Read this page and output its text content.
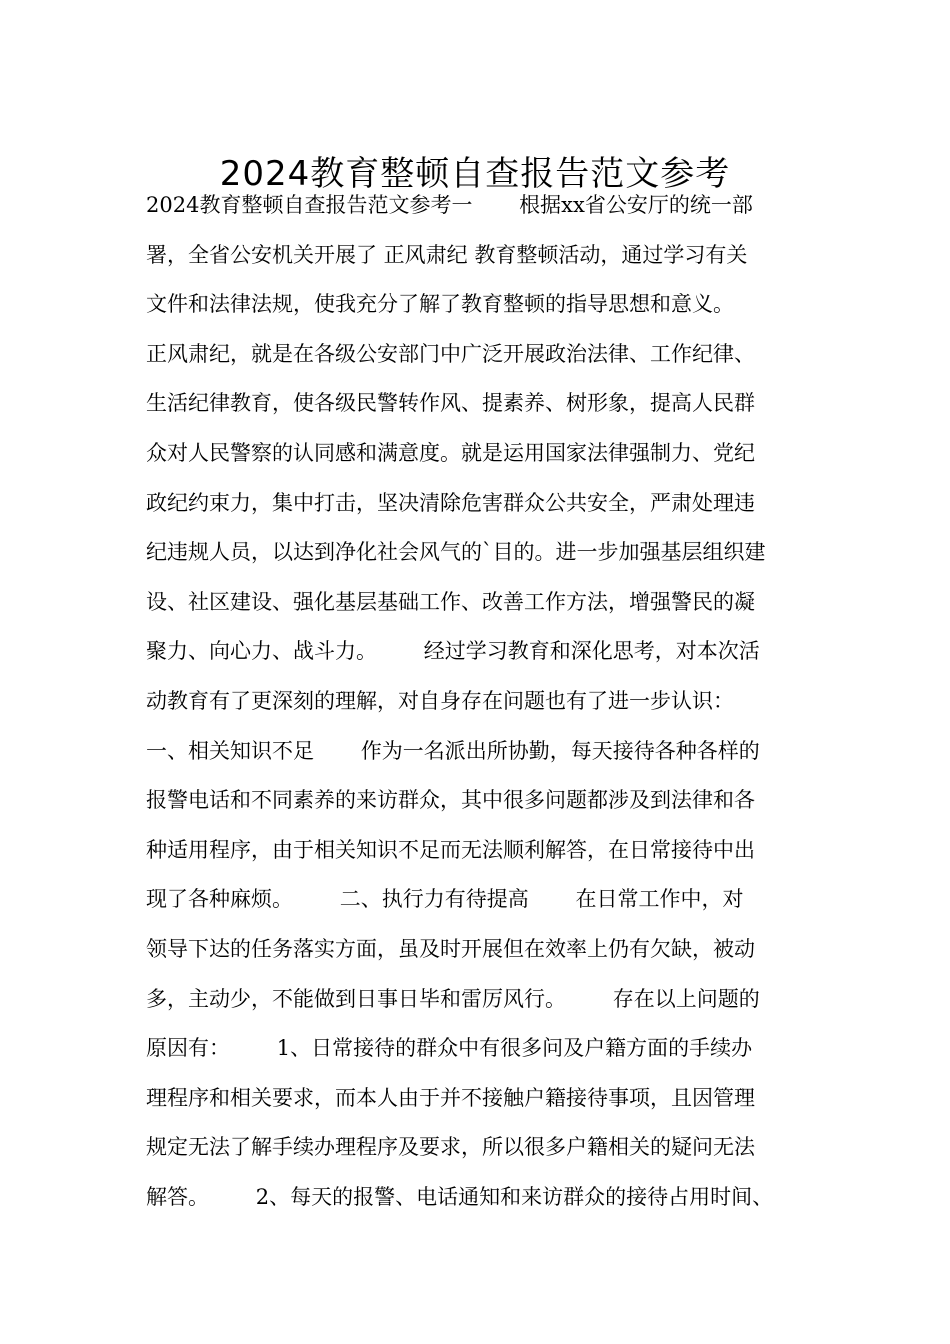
2024教育整顿自查报告范文参考
2024教育整顿自查报告范文参考一       根据xx省公安厅的统一部
署，全省公安机关开展了 正风肃纪 教育整顿活动，通过学习有关
文件和法律法规，使我充分了解了教育整顿的指导思想和意义。
正风肃纪，就是在各级公安部门中广泛开展政治法律、工作纪律、
生活纪律教育，使各级民警转作风、提素养、树形象，提高人民群
众对人民警察的认同感和满意度。就是运用国家法律强制力、党纪
政纪约束力，集中打击，坚决清除危害群众公共安全，严肃处理违
纪违规人员，以达到净化社会风气的`目的。进一步加强基层组织建
设、社区建设、强化基层基础工作、改善工作方法，增强警民的凝
聚力、向心力、战斗力。       经过学习教育和深化思考，对本次活
动教育有了更深刻的理解，对自身存在问题也有了进一步认识：
一、相关知识不足       作为一名派出所协勤，每天接待各种各样的
报警电话和不同素养的来访群众，其中很多问题都涉及到法律和各
种适用程序，由于相关知识不足而无法顺利解答，在日常接待中出
现了各种麻烦。       二、执行力有待提高       在日常工作中，对
领导下达的任务落实方面，虽及时开展但在效率上仍有欠缺，被动
多，主动少，不能做到日事日毕和雷厉风行。       存在以上问题的
原因有：       1、日常接待的群众中有很多问及户籍方面的手续办
理程序和相关要求，而本人由于并不接触户籍接待事项，且因管理
规定无法了解手续办理程序及要求，所以很多户籍相关的疑问无法
解答。       2、每天的报警、电话通知和来访群众的接待占用时间、
